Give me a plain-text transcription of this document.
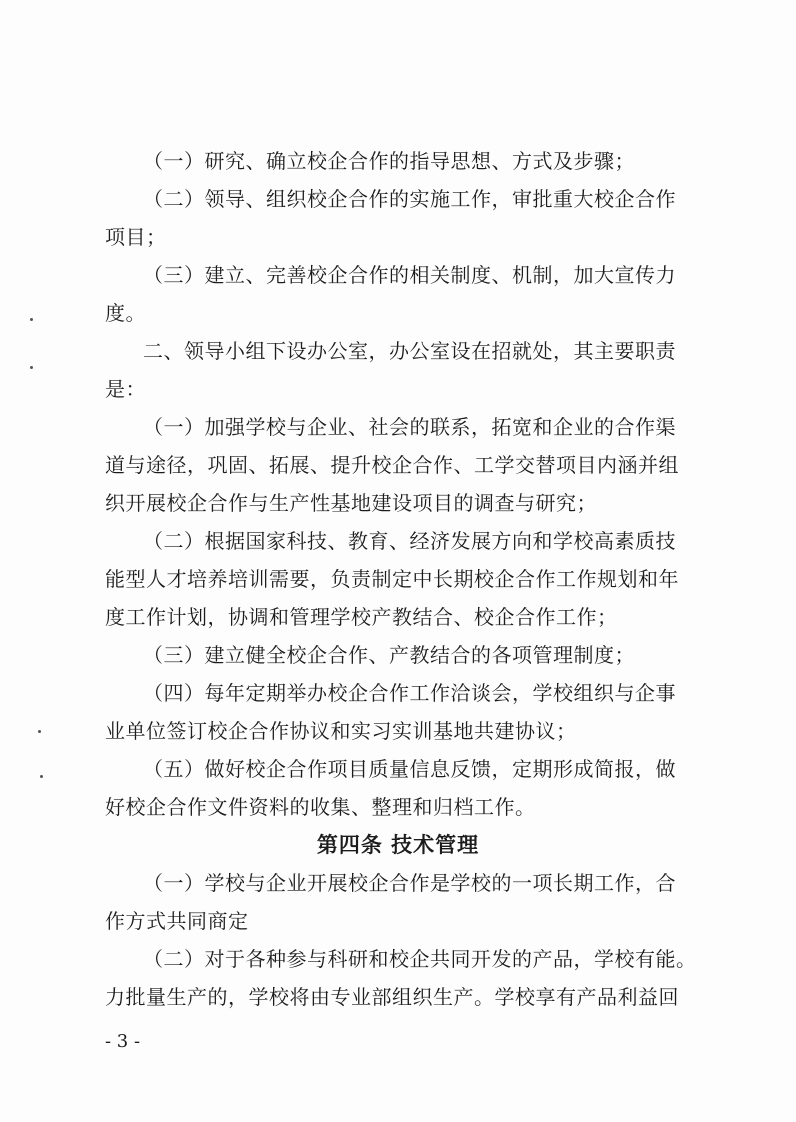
（一）研究、确立校企合作的指导思想、方式及步骤；
（二）领导、组织校企合作的实施工作，审批重大校企合作
项目；
（三）建立、完善校企合作的相关制度、机制，加大宣传力
度。
二、领导小组下设办公室，办公室设在招就处，其主要职责
是：
（一）加强学校与企业、社会的联系，拓宽和企业的合作渠
道与途径，巩固、拓展、提升校企合作、工学交替项目内涵并组
织开展校企合作与生产性基地建设项目的调查与研究；
（二）根据国家科技、教育、经济发展方向和学校高素质技
能型人才培养培训需要，负责制定中长期校企合作工作规划和年
度工作计划，协调和管理学校产教结合、校企合作工作；
（三）建立健全校企合作、产教结合的各项管理制度；
（四）每年定期举办校企合作工作洽谈会，学校组织与企事
业单位签订校企合作协议和实习实训基地共建协议；
（五）做好校企合作项目质量信息反馈，定期形成简报，做
好校企合作文件资料的收集、整理和归档工作。
第四条 技术管理
（一）学校与企业开展校企合作是学校的一项长期工作，合
作方式共同商定
（二）对于各种参与科研和校企共同开发的产品，学校有能。
力批量生产的，学校将由专业部组织生产。学校享有产品利益回
- 3 -
